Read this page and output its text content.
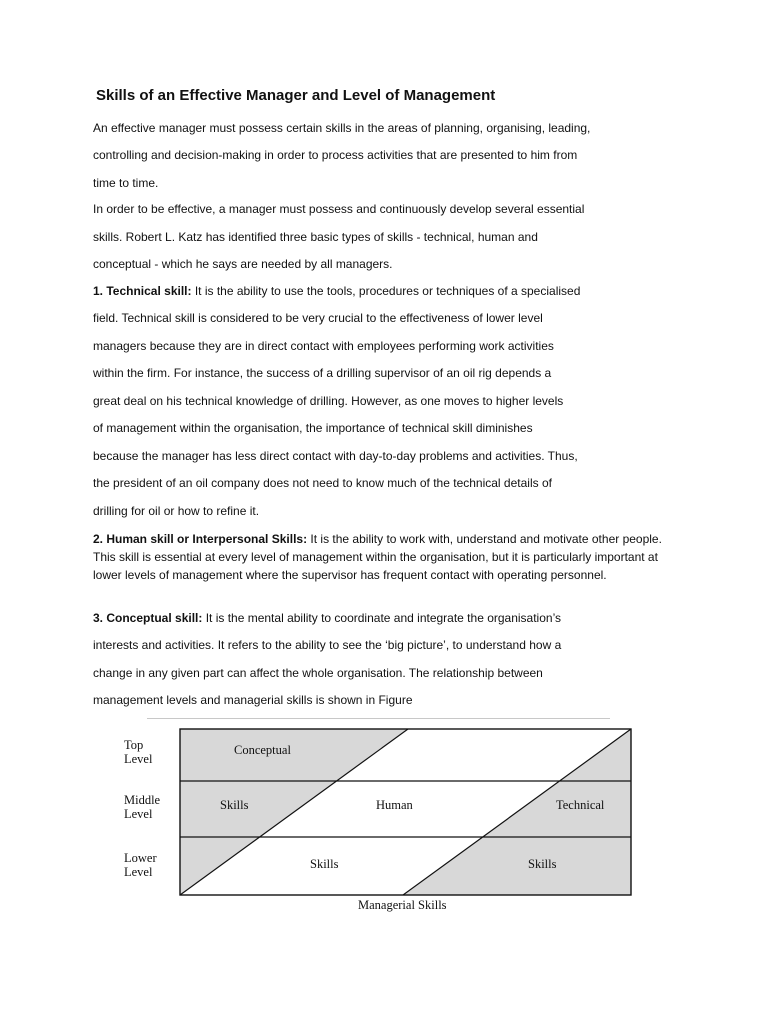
Skills of an Effective Manager and Level of Management

An effective manager must possess certain skills in the areas of planning, organising, leading,

controlling and decision-making in order to process activities that are presented to him from

time to time.

In order to be effective, a manager must possess and continuously develop several essential

skills. Robert L. Katz has identified three basic types of skills - technical, human and

conceptual - which he says are needed by all managers.

1. Technical skill: It is the ability to use the tools, procedures or techniques of a specialised

field. Technical skill is considered to be very crucial to the effectiveness of lower level

managers because they are in direct contact with employees performing work activities

within the firm. For instance, the success of a drilling supervisor of an oil rig depends a

great deal on his technical knowledge of drilling. However, as one moves to higher levels

of management within the organisation, the importance of technical skill diminishes

because the manager has less direct contact with day-to-day problems and activities. Thus,

the president of an oil company does not need to know much of the technical details of

drilling for oil or how to refine it.

2. Human skill or Interpersonal Skills: It is the ability to work with, understand and motivate other people. This skill is essential at every level of management within the organisation, but it is particularly important at lower levels of management where the supervisor has frequent contact with operating personnel.

3. Conceptual skill: It is the mental ability to coordinate and integrate the organisation’s

interests and activities. It refers to the ability to see the ‘big picture’, to understand how a

change in any given part can affect the whole organisation. The relationship between

management levels and managerial skills is shown in Figure

Top
Level
Middle
Level
Lower
Level
Conceptual
Skills	Human
Skills
Technical
Skills
Managerial Skills
